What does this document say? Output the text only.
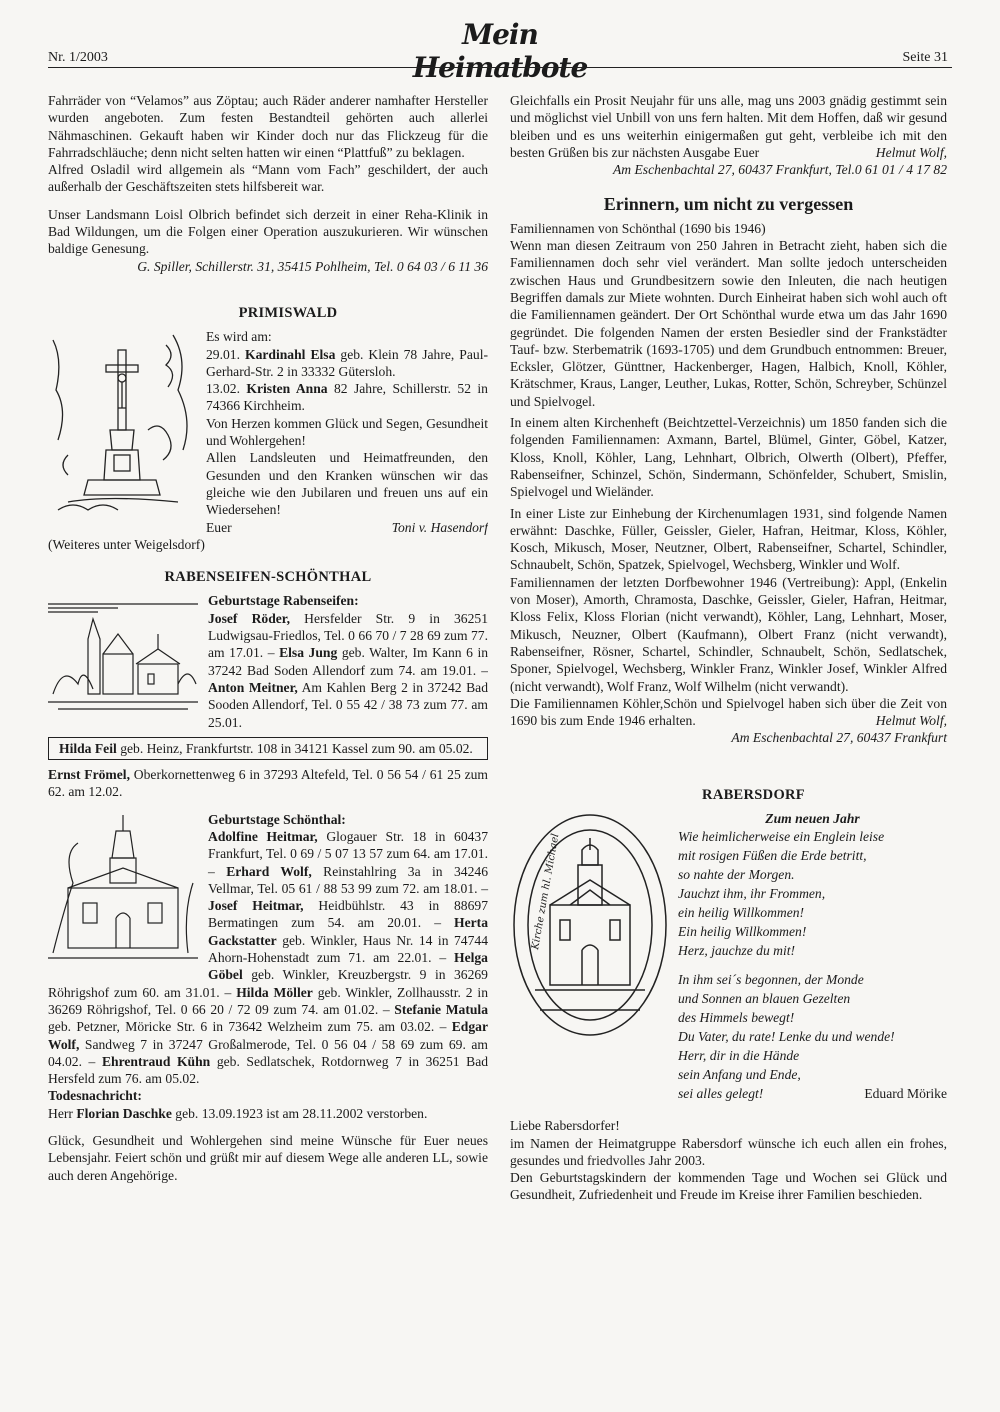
Nr. 1/2003
Mein Heimatbote	Seite 31

Fahrräder von “Velamos” aus Zöptau; auch Räder anderer namhafter Hersteller wurden angeboten. Zum festen Bestandteil gehörten auch allerlei Nähmaschinen. Gekauft haben wir Kinder doch nur das Flickzeug für die Fahrradschläuche; denn nicht selten hatten wir einen “Plattfuß” zu beklagen.

Alfred Osladil wird allgemein als “Mann vom Fach” geschildert, der auch außerhalb der Geschäftszeiten stets hilfsbereit war.

Unser Landsmann Loisl Olbrich befindet sich derzeit in einer Reha-Klinik in Bad Wildungen, um die Folgen einer Operation auszukurieren. Wir wünschen baldige Genesung.

G. Spiller, Schillerstr. 31, 35415 Pohlheim, Tel. 0 64 03 / 6 11 36

PRIMISWALD

Es wird am:

29.01. Kardinahl Elsa geb. Klein 78 Jahre, Paul-Gerhard-Str. 2 in 33332 Gütersloh.

13.02. Kristen Anna 82 Jahre, Schillerstr. 52 in 74366 Kirchheim.

Von Herzen kommen Glück und Segen, Gesundheit und Wohlergehen!

Allen Landsleuten und Heimatfreunden, den Gesunden und den Kranken wünschen wir das gleiche wie den Jubilaren und freuen uns auf ein Wiedersehen!

Euer	Toni v. Hasendorf

(Weiteres unter Weigelsdorf)

RABENSEIFEN-SCHÖNTHAL

Geburtstage Rabenseifen:

Josef Röder, Hersfelder Str. 9 in 36251 Ludwigsau-Friedlos, Tel. 0 66 70 / 7 28 69 zum 77. am 17.01. – Elsa Jung geb. Walter, Im Kann 6 in 37242 Bad Soden Allendorf zum 74. am 19.01. – Anton Meitner, Am Kahlen Berg 2 in 37242 Bad Sooden Allendorf, Tel. 0 55 42 / 38 73 zum 77. am 25.01.

Hilda Feil geb. Heinz, Frankfurtstr. 108 in 34121 Kassel zum 90. am 05.02.

Ernst Frömel, Oberkornettenweg 6 in 37293 Altefeld, Tel. 0 56 54 / 61 25 zum 62. am 12.02.

Geburtstage Schönthal:

Adolfine Heitmar, Glogauer Str. 18 in 60437 Frankfurt, Tel. 0 69 / 5 07 13 57 zum 64. am 17.01. – Erhard Wolf, Reinstahlring 3a in 34246 Vellmar, Tel. 05 61 / 88 53 99 zum 72. am 18.01. – Josef Heitmar, Heidbühlstr. 43 in 88697 Bermatingen zum 54. am 20.01. – Herta Gackstatter geb. Winkler, Haus Nr. 14 in 74744 Ahorn-Hohenstadt zum 71. am 22.01. – Helga Göbel geb. Winkler, Kreuzbergstr. 9 in 36269 Röhrigshof zum 60. am 31.01. – Hilda Möller geb. Winkler, Zollhausstr. 2 in 36269 Röhrigshof, Tel. 0 66 20 / 72 09 zum 74. am 01.02. – Stefanie Matula geb. Petzner, Möricke Str. 6 in 73642 Welzheim zum 75. am 03.02. – Edgar Wolf, Sandweg 7 in 37247 Großalmerode, Tel. 0 56 04 / 58 69 zum 69. am 04.02. – Ehrentraud Kühn geb. Sedlatschek, Rotdornweg 7 in 36251 Bad Hersfeld zum 76. am 05.02.

Todesnachricht:

Herr Florian Daschke geb. 13.09.1923 ist am 28.11.2002 verstorben.

Glück, Gesundheit und Wohlergehen sind meine Wünsche für Euer neues Lebensjahr. Feiert schön und grüßt mir auf diesem Wege alle anderen LL, sowie auch deren Angehörige.

Gleichfalls ein Prosit Neujahr für uns alle, mag uns 2003 gnädig gestimmt sein und möglichst viel Unbill von uns fern halten. Mit dem Hoffen, daß wir gesund bleiben und es uns weiterhin einigermaßen gut geht, verbleibe ich mit den besten Grüßen bis zur nächsten Ausgabe Euer	Helmut Wolf,

Am Eschenbachtal 27, 60437 Frankfurt, Tel.0 61 01 / 4 17 82

Erinnern, um nicht zu vergessen

Familiennamen von Schönthal (1690 bis 1946)

Wenn man diesen Zeitraum von 250 Jahren in Betracht zieht, haben sich die Familiennamen doch sehr viel verändert. Man sollte jedoch unterscheiden zwischen Haus und Grundbesitzern sowie den Inleuten, die nach heutigen Begriffen damals zur Miete wohnten. Durch Einheirat haben sich wohl auch oft die Familiennamen geändert. Der Ort Schönthal wurde etwa um das Jahr 1690 gegründet. Die folgenden Namen der ersten Besiedler sind der Frankstädter Tauf- bzw. Sterbematrik (1693-1705) und dem Grundbuch entnommen: Breuer, Ecksler, Glötzer, Günttner, Hackenberger, Hagen, Halbich, Knoll, Köhler, Krätschmer, Kraus, Langer, Leuther, Lukas, Rotter, Schön, Schreyber, Schünzel und Spielvogel.

In einem alten Kirchenheft (Beichtzettel-Verzeichnis) um 1850 fanden sich die folgenden Familiennamen: Axmann, Bartel, Blümel, Ginter, Göbel, Katzer, Kloss, Knoll, Köhler, Lang, Lehnhart, Olbrich, Olwerth (Olbert), Pfeffer, Rabenseifner, Schinzel, Schön, Sindermann, Schönfelder, Schubert, Smislin, Spielvogel und Wieländer.

In einer Liste zur Einhebung der Kirchenumlagen 1931, sind folgende Namen erwähnt: Daschke, Füller, Geissler, Gieler, Hafran, Heitmar, Kloss, Köhler, Kosch, Mikusch, Moser, Neutzner, Olbert, Rabenseifner, Schartel, Schindler, Schnaubelt, Schön, Spatzek, Spielvogel, Wechsberg, Winkler und Wolf.

Familiennamen der letzten Dorfbewohner 1946 (Vertreibung): Appl, (Enkelin von Moser), Amorth, Chramosta, Daschke, Geissler, Gieler, Hafran, Heitmar, Kloss Felix, Kloss Florian (nicht verwandt), Köhler, Lang, Lehnhart, Moser, Mikusch, Neuzner, Olbert (Kaufmann), Olbert Franz (nicht verwandt), Rabenseifner, Rösner, Schartel, Schindler, Schnaubelt, Schön, Sedlatschek, Sponer, Spielvogel, Wechsberg, Winkler Franz, Winkler Josef, Winkler Alfred (nicht verwandt), Wolf Franz, Wolf Wilhelm (nicht verwandt).

Die Familiennamen Köhler,Schön und Spielvogel haben sich über die Zeit von 1690 bis zum Ende 1946 erhalten.	Helmut Wolf,

Am Eschenbachtal 27, 60437 Frankfurt

RABERSDORF
Kirche zum hl. Michael

Zum neuen Jahr

Wie heimlicherweise ein Englein leise
mit rosigen Füßen die Erde betritt,
so nahte der Morgen.
Jauchzt ihm, ihr Frommen,
ein heilig Willkommen!
Ein heilig Willkommen!
Herz, jauchze du mit!
In ihm sei´s begonnen, der Monde
und Sonnen an blauen Gezelten
des Himmels bewegt!
Du Vater, du rate! Lenke du und wende!
Herr, dir in die Hände
sein Anfang und Ende,
sei alles gelegt!	Eduard Mörike

Liebe Rabersdorfer!

im Namen der Heimatgruppe Rabersdorf wünsche ich euch allen ein frohes, gesundes und friedvolles Jahr 2003.

Den Geburtstagskindern der kommenden Tage und Wochen sei Glück und Gesundheit, Zufriedenheit und Freude im Kreise ihrer Familien beschieden.
